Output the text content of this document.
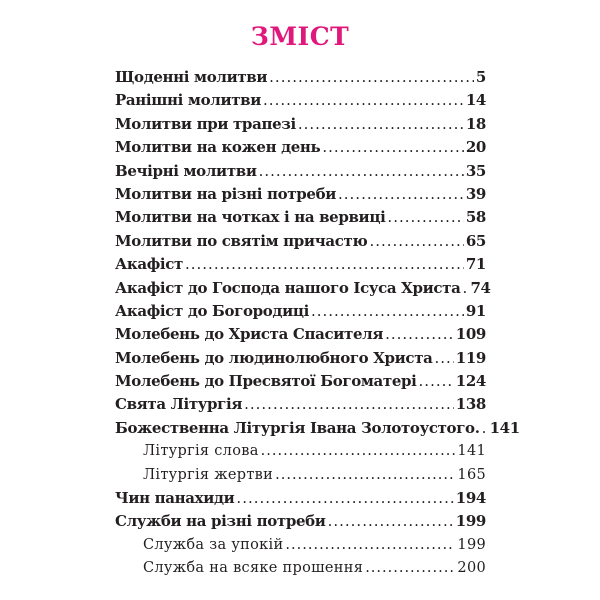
ЗМІСТ
Щоденні молитви .....	5
Ранішні молитви .....	14
Молитви при трапезі .....	18
Молитви на кожен день .....	20
Вечірні молитви .....	35
Молитви на різні потреби .....	39
Молитви на чотках і на вервиці .....	58
Молитви по святім причастю .....	65
Акафіст .....	71
Акафіст до Господа нашого Ісуса Христа ..... 74
Акафіст до Богородиці .....	91
Молебень до Христа Спасителя .....	109
Молебень до людинолюбного Христа ..... 119
Молебень до Пресвятої Богоматері .....	124
Свята Літургія .....	138
Божественна Літургія Івана Золотоустого. ..... 141
Літургія слова .....	141
Літургія жертви .....	165
Чин панахиди .....	194
Служби на різні потреби .....	199
Служба за упокій .....	199
Служба на всяке прошення .....	200
